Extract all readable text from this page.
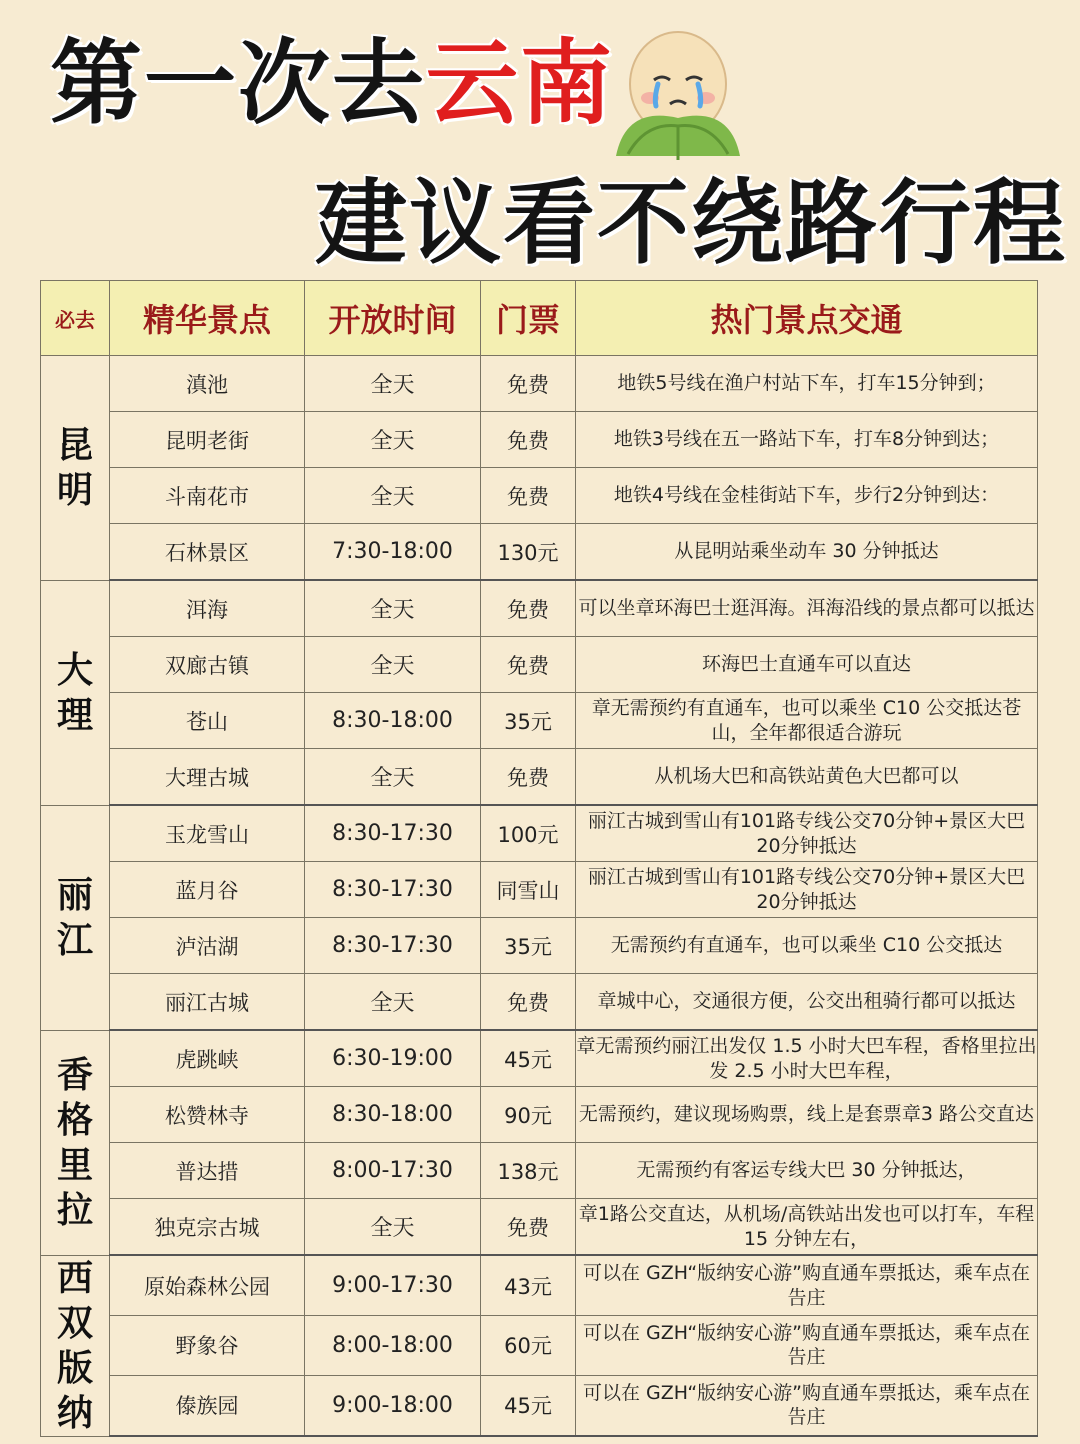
第一次去云南
建议看不绕路行程
必去	精华景点	开放时间	门票	热门景点交通

昆
明	滇池	全天	免费	地铁5号线在渔户村站下车，打车15分钟到；
	昆明老街	全天	免费	地铁3号线在五一路站下车，打车8分钟到达；
	斗南花市	全天	免费	地铁4号线在金桂街站下车，步行2分钟到达：
	石林景区	7:30-18:00	130元	从昆明站乘坐动车 30 分钟抵达

大
理	洱海	全天	免费	可以坐章环海巴士逛洱海。洱海沿线的景点都可以抵达
	双廊古镇	全天	免费	环海巴士直通车可以直达
	苍山	8:30-18:00	35元	章无需预约有直通车，也可以乘坐 C10 公交抵达苍山，全年都很适合游玩
	大理古城	全天	免费	从机场大巴和高铁站黄色大巴都可以

丽
江	玉龙雪山	8:30-17:30	100元	丽江古城到雪山有101路专线公交70分钟+景区大巴20分钟抵达
	蓝月谷	8:30-17:30	同雪山	丽江古城到雪山有101路专线公交70分钟+景区大巴20分钟抵达
	泸沽湖	8:30-17:30	35元	无需预约有直通车，也可以乘坐 C10 公交抵达
	丽江古城	全天	免费	章城中心，交通很方便，公交出租骑行都可以抵达

香
格
里
拉	虎跳峡	6:30-19:00	45元	章无需预约丽江出发仅 1.5 小时大巴车程，香格里拉出发 2.5 小时大巴车程，
	松赞林寺	8:30-18:00	90元	无需预约，建议现场购票，线上是套票章3 路公交直达
	普达措	8:00-17:30	138元	无需预约有客运专线大巴 30 分钟抵达，
	独克宗古城	全天	免费	章1路公交直达，从机场/高铁站出发也可以打车，车程 15 分钟左右，

西
双
版
纳	原始森林公园	9:00-17:30	43元	可以在 GZH“版纳安心游”购直通车票抵达，乘车点在告庄
	野象谷	8:00-18:00	60元	可以在 GZH“版纳安心游”购直通车票抵达，乘车点在告庄
	傣族园	9:00-18:00	45元	可以在 GZH“版纳安心游”购直通车票抵达，乘车点在告庄
